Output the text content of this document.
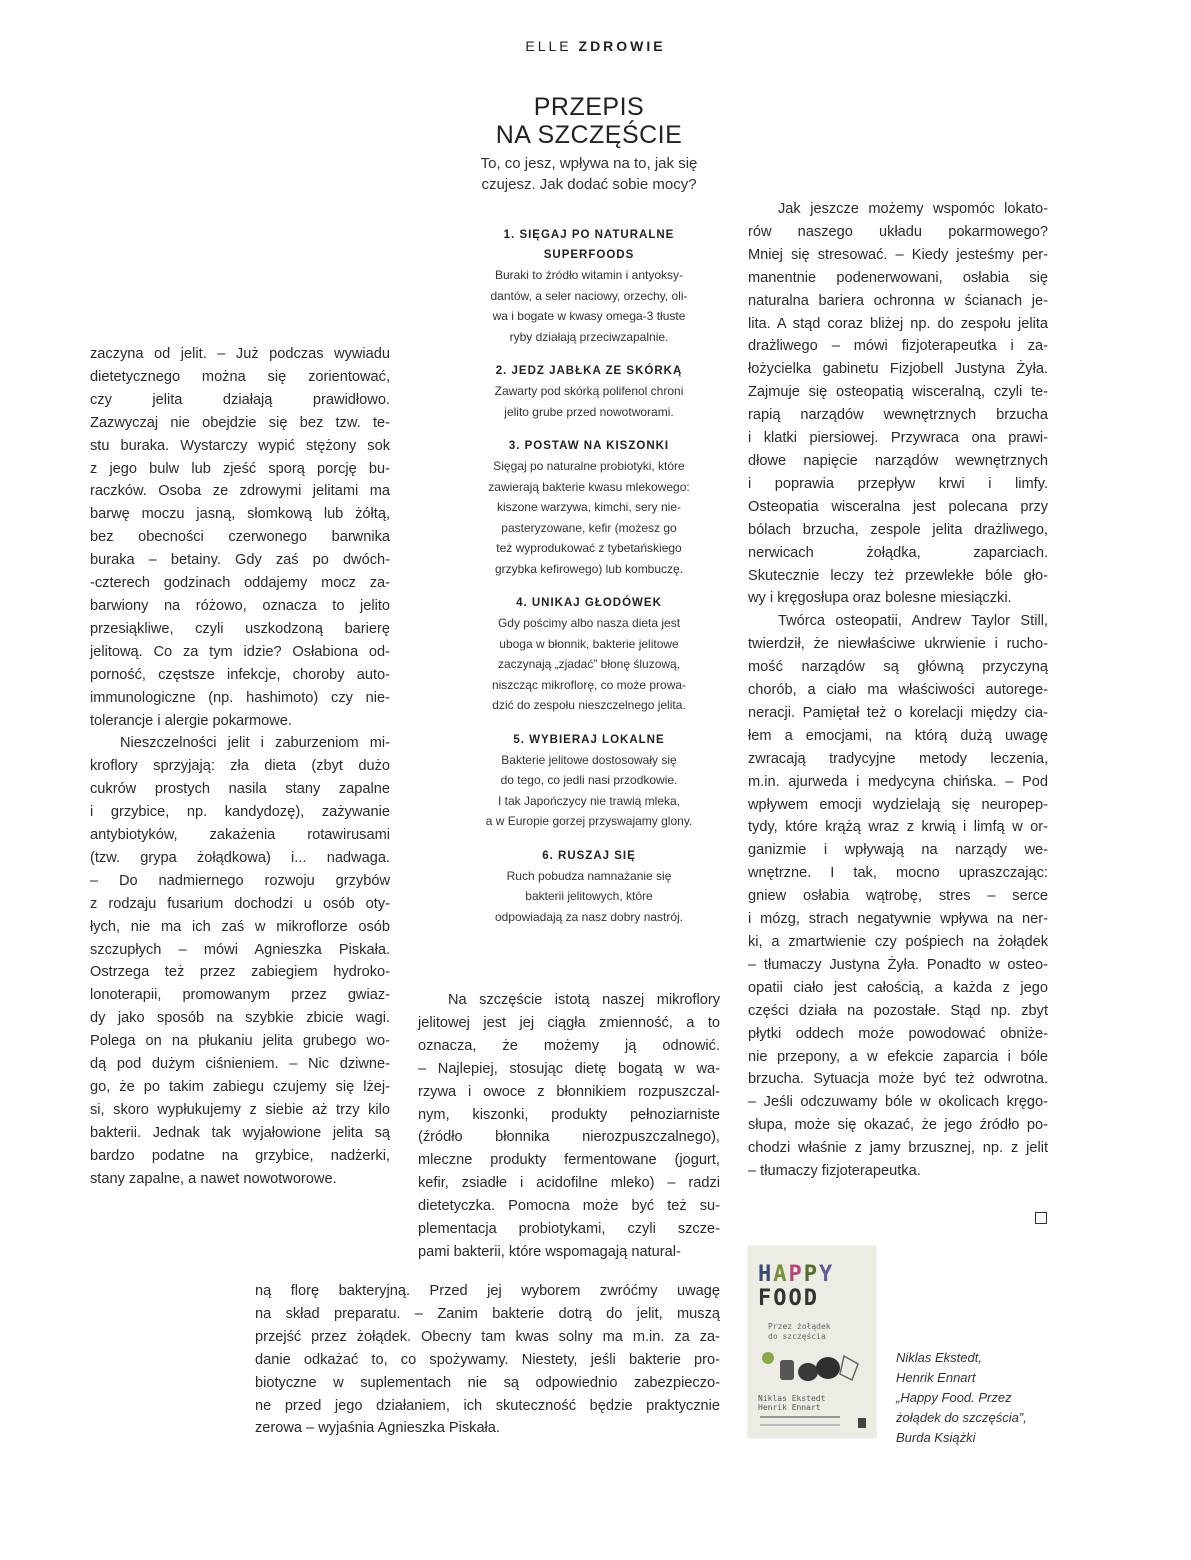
ELLE ZDROWIE
PRZEPIS
NA SZCZĘŚCIE
To, co jesz, wpływa na to, jak się
czujesz. Jak dodać sobie mocy?
1. SIĘGAJ PO NATURALNE
SUPERFOODS

Buraki to źródło witamin i antyoksy-
dantów, a seler naciowy, orzechy, oli-
wa i bogate w kwasy omega-3 tłuste
ryby działają przeciwzapalnie.

2. JEDZ JABŁKA ZE SKÓRKĄ

Zawarty pod skórką polifenol chroni
jelito grube przed nowotworami.

3. POSTAW NA KISZONKI

Sięgaj po naturalne probiotyki, które
zawierają bakterie kwasu mlekowego:
kiszone warzywa, kimchi, sery nie-
pasteryzowane, kefir (możesz go
też wyprodukować z tybetańskiego
grzybka kefirowego) lub kombuczę.

4. UNIKAJ GŁODÓWEK

Gdy pościmy albo nasza dieta jest
uboga w błonnik, bakterie jelitowe
zaczynają „zjadać” błonę śluzową,
niszcząc mikroflorę, co może prowa-
dzić do zespołu nieszczelnego jelita.

5. WYBIERAJ LOKALNE

Bakterie jelitowe dostosowały się
do tego, co jedli nasi przodkowie.
I tak Japończycy nie trawią mleka,
a w Europie gorzej przyswajamy glony.

6. RUSZAJ SIĘ

Ruch pobudza namnażanie się
bakterii jelitowych, które
odpowiadają za nasz dobry nastrój.

zaczyna od jelit. – Już podczas wywiadu
dietetycznego można się zorientować,
czy jelita działają prawidłowo.
Zazwyczaj nie obejdzie się bez tzw. te-
stu buraka. Wystarczy wypić stężony sok
z jego bulw lub zjeść sporą porcję bu-
raczków. Osoba ze zdrowymi jelitami ma
barwę moczu jasną, słomkową lub żółtą,
bez obecności czerwonego barwnika
buraka – betainy. Gdy zaś po dwóch-
-czterech godzinach oddajemy mocz za-
barwiony na różowo, oznacza to jelito
przesiąkliwe, czyli uszkodzoną barierę
jelitową. Co za tym idzie? Osłabiona od-
porność, częstsze infekcje, choroby auto-
immunologiczne (np. hashimoto) czy nie-
tolerancje i alergie pokarmowe.

Nieszczelności jelit i zaburzeniom mi-
kroflory sprzyjają: zła dieta (zbyt dużo
cukrów prostych nasila stany zapalne
i grzybice, np. kandydozę), zażywanie
antybiotyków, zakażenia rotawirusami
(tzw. grypa żołądkowa) i... nadwaga.
– Do nadmiernego rozwoju grzybów
z rodzaju fusarium dochodzi u osób oty-
łych, nie ma ich zaś w mikroflorze osób
szczupłych – mówi Agnieszka Piskała.
Ostrzega też przez zabiegiem hydroko-
lonoterapii, promowanym przez gwiaz-
dy jako sposób na szybkie zbicie wagi.
Polega on na płukaniu jelita grubego wo-
dą pod dużym ciśnieniem. – Nic dziwne-
go, że po takim zabiegu czujemy się lżej-
si, skoro wypłukujemy z siebie aż trzy kilo
bakterii. Jednak tak wyjałowione jelita są
bardzo podatne na grzybice, nadżerki,
stany zapalne, a nawet nowotworowe.

Jak jeszcze możemy wspomóc lokato-
rów naszego układu pokarmowego?
Mniej się stresować. – Kiedy jesteśmy per-
manentnie podenerwowani, osłabia się
naturalna bariera ochronna w ścianach je-
lita. A stąd coraz bliżej np. do zespołu jelita
drażliwego – mówi fizjoterapeutka i za-
łożycielka gabinetu Fizjobell Justyna Żyła.
Zajmuje się osteopatią wisceralną, czyli te-
rapią narządów wewnętrznych brzucha
i klatki piersiowej. Przywraca ona prawi-
dłowe napięcie narządów wewnętrznych
i poprawia przepływ krwi i limfy.
Osteopatia wisceralna jest polecana przy
bólach brzucha, zespole jelita drażliwego,
nerwicach żołądka, zaparciach.
Skutecznie leczy też przewlekłe bóle gło-
wy i kręgosłupa oraz bolesne miesiączki.

Twórca osteopatii, Andrew Taylor Still,
twierdził, że niewłaściwe ukrwienie i rucho-
mość narządów są główną przyczyną
chorób, a ciało ma właściwości autorege-
neracji. Pamiętał też o korelacji między cia-
łem a emocjami, na którą dużą uwagę
zwracają tradycyjne metody leczenia,
m.in. ajurweda i medycyna chińska. – Pod
wpływem emocji wydzielają się neuropep-
tydy, które krążą wraz z krwią i limfą w or-
ganizmie i wpływają na narządy we-
wnętrzne. I tak, mocno upraszczając:
gniew osłabia wątrobę, stres – serce
i mózg, strach negatywnie wpływa na ner-
ki, a zmartwienie czy pośpiech na żołądek
– tłumaczy Justyna Żyła. Ponadto w osteo-
opatii ciało jest całością, a każda z jego
części działa na pozostałe. Stąd np. zbyt
płytki oddech może powodować obniże-
nie przepony, a w efekcie zaparcia i bóle
brzucha. Sytuacja może być też odwrotna.
– Jeśli odczuwamy bóle w okolicach kręgo-
słupa, może się okazać, że jego źródło po-
chodzi właśnie z jamy brzusznej, np. z jelit
– tłumaczy fizjoterapeutka.

Na szczęście istotą naszej mikroflory
jelitowej jest jej ciągła zmienność, a to
oznacza, że możemy ją odnowić.
– Najlepiej, stosując dietę bogatą w wa-
rzywa i owoce z błonnikiem rozpuszczal-
nym, kiszonki, produkty pełnoziarniste
(źródło błonnika nierozpuszczalnego),
mleczne produkty fermentowane (jogurt,
kefir, zsiadłe i acidofilne mleko) – radzi
dietetyczka. Pomocna może być też su-
plementacja probiotykami, czyli szcze-
pami bakterii, które wspomagają natural-

ną florę bakteryjną. Przed jej wyborem zwróćmy uwagę
na skład preparatu. – Zanim bakterie dotrą do jelit, muszą
przejść przez żołądek. Obecny tam kwas solny ma m.in. za za-
danie odkażać to, co spożywamy. Niestety, jeśli bakterie pro-
biotyczne w suplementach nie są odpowiednio zabezpieczo-
ne przed jego działaniem, ich skuteczność będzie praktycznie
zerowa – wyjaśnia Agnieszka Piskała.

HAPPY
FOOD
Przez żołądek
do szczęścia
Niklas Ekstedt
Henrik Ennart
Niklas Ekstedt,
Henrik Ennart
„Happy Food. Przez
żołądek do szczęścia”,
Burda Książki
